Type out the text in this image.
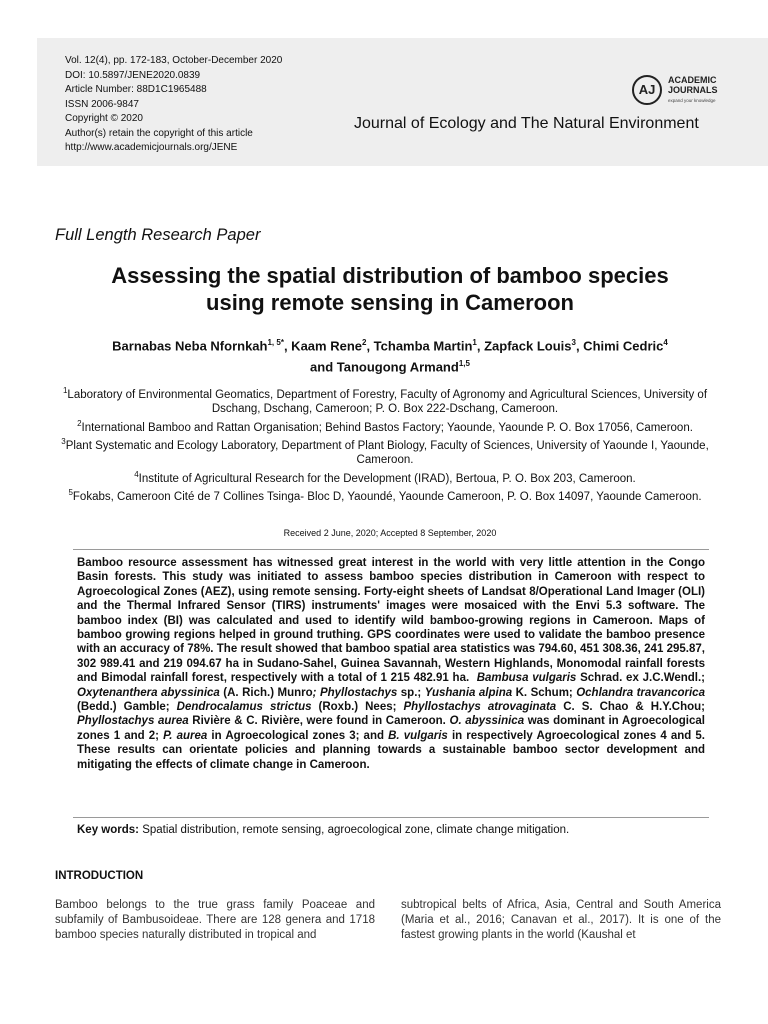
Vol. 12(4), pp. 172-183, October-December 2020
DOI: 10.5897/JENE2020.0839
Article Number: 88D1C1965488
ISSN 2006-9847
Copyright © 2020
Author(s) retain the copyright of this article
http://www.academicjournals.org/JENE
AJ
ACADEMIC
JOURNALS
expand your knowledge
Journal of Ecology and The Natural Environment
Full Length Research Paper
Assessing the spatial distribution of bamboo species
using remote sensing in Cameroon
Barnabas Neba Nfornkah$^{1, 5*}$, Kaam Rene$^2$, Tchamba Martin$^1$, Zapfack Louis$^3$, Chimi Cedric$^4$
and Tanougong Armand$^{1,5}$
$^1$Laboratory of Environmental Geomatics, Department of Forestry, Faculty of Agronomy and Agricultural Sciences, University of Dschang, Dschang, Cameroon; P. O. Box 222-Dschang, Cameroon.
$^2$International Bamboo and Rattan Organisation; Behind Bastos Factory; Yaounde, Yaounde P. O. Box 17056, Cameroon.
$^3$Plant Systematic and Ecology Laboratory, Department of Plant Biology, Faculty of Sciences, University of Yaounde I, Yaounde, Cameroon.
$^4$Institute of Agricultural Research for the Development (IRAD), Bertoua, P. O. Box 203, Cameroon.
$^5$Fokabs, Cameroon Cité de 7 Collines Tsinga- Bloc D, Yaoundé, Yaounde Cameroon, P. O. Box 14097, Yaounde Cameroon.
Received 2 June, 2020; Accepted 8 September, 2020
Bamboo resource assessment has witnessed great interest in the world with very little attention in the Congo Basin forests. This study was initiated to assess bamboo species distribution in Cameroon with respect to Agroecological Zones (AEZ), using remote sensing. Forty-eight sheets of Landsat 8/Operational Land Imager (OLI) and the Thermal Infrared Sensor (TIRS) instruments' images were mosaiced with the Envi 5.3 software. The bamboo index (BI) was calculated and used to identify wild bamboo-growing regions in Cameroon. Maps of bamboo growing regions helped in ground truthing. GPS coordinates were used to validate the bamboo presence with an accuracy of 78%. The result showed that bamboo spatial area statistics was 794.60, 451 308.36, 241 295.87, 302 989.41 and 219 094.67 ha in Sudano-Sahel, Guinea Savannah, Western Highlands, Monomodal rainfall forests and Bimodal rainfall forest, respectively with a total of 1 215 482.91 ha. Bambusa vulgaris Schrad. ex J.C.Wendl.; Oxytenanthera abyssinica (A. Rich.) Munro; Phyllostachys sp.; Yushania alpina K. Schum; Ochlandra travancorica (Bedd.) Gamble; Dendrocalamus strictus (Roxb.) Nees; Phyllostachys atrovaginata C. S. Chao & H.Y.Chou; Phyllostachys aurea Rivière & C. Rivière, were found in Cameroon. O. abyssinica was dominant in Agroecological zones 1 and 2; P. aurea in Agroecological zones 3; and B. vulgaris in respectively Agroecological zones 4 and 5. These results can orientate policies and planning towards a sustainable bamboo sector development and mitigating the effects of climate change in Cameroon.
Key words: Spatial distribution, remote sensing, agroecological zone, climate change mitigation.
INTRODUCTION
Bamboo belongs to the true grass family Poaceae and subfamily of Bambusoideae. There are 128 genera and 1718 bamboo species naturally distributed in tropical and
subtropical belts of Africa, Asia, Central and South America (Maria et al., 2016; Canavan et al., 2017). It is one of the fastest growing plants in the world (Kaushal et
